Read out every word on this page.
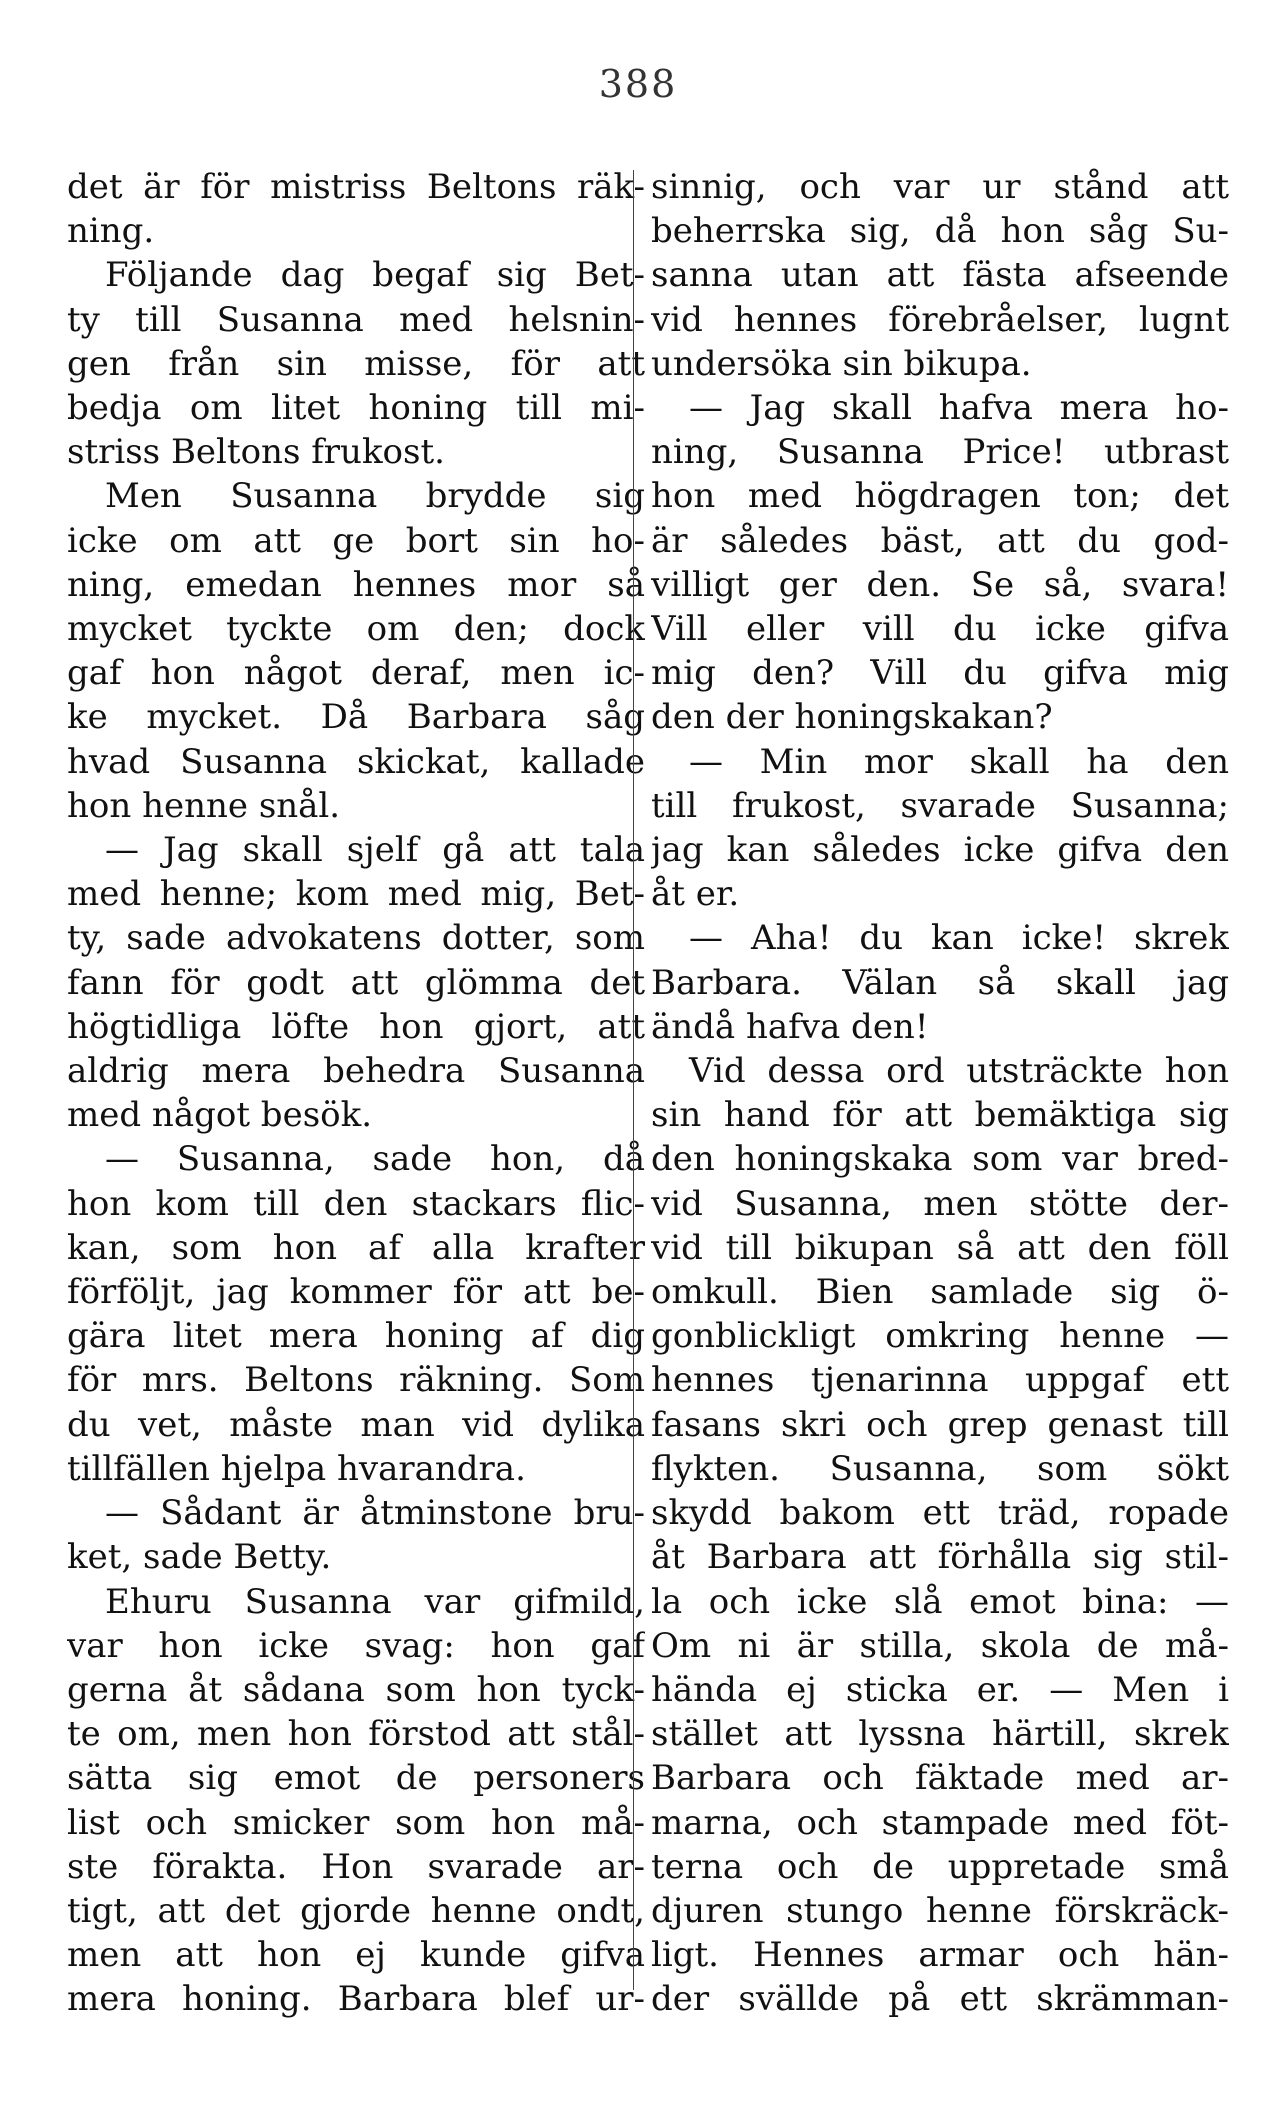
388
det är för mistriss Beltons räk-
ning.
Följande dag begaf sig Bet-
ty till Susanna med helsnin-
gen från sin misse, för att
bedja om litet honing till mi-
striss Beltons frukost.
Men Susanna brydde sig
icke om att ge bort sin ho-
ning, emedan hennes mor så
mycket tyckte om den; dock
gaf hon något deraf, men ic-
ke mycket. Då Barbara såg
hvad Susanna skickat, kallade
hon henne snål.
— Jag skall sjelf gå att tala
med henne; kom med mig, Bet-
ty, sade advokatens dotter, som
fann för godt att glömma det
högtidliga löfte hon gjort, att
aldrig mera behedra Susanna
med något besök.
— Susanna, sade hon, då
hon kom till den stackars flic-
kan, som hon af alla krafter
förföljt, jag kommer för att be-
gära litet mera honing af dig
för mrs. Beltons räkning. Som
du vet, måste man vid dylika
tillfällen hjelpa hvarandra.
— Sådant är åtminstone bru-
ket, sade Betty.
Ehuru Susanna var gifmild,
var hon icke svag: hon gaf
gerna åt sådana som hon tyck-
te om, men hon förstod att stål-
sätta sig emot de personers
list och smicker som hon må-
ste förakta. Hon svarade ar-
tigt, att det gjorde henne ondt,
men att hon ej kunde gifva
mera honing. Barbara blef ur-
sinnig, och var ur stånd att
beherrska sig, då hon såg Su-
sanna utan att fästa afseende
vid hennes förebråelser, lugnt
undersöka sin bikupa.
— Jag skall hafva mera ho-
ning, Susanna Price! utbrast
hon med högdragen ton; det
är således bäst, att du god-
villigt ger den. Se så, svara!
Vill eller vill du icke gifva
mig den? Vill du gifva mig
den der honingskakan?
— Min mor skall ha den
till frukost, svarade Susanna;
jag kan således icke gifva den
åt er.
— Aha! du kan icke! skrek
Barbara. Välan så skall jag
ändå hafva den!
Vid dessa ord utsträckte hon
sin hand för att bemäktiga sig
den honingskaka som var bred-
vid Susanna, men stötte der-
vid till bikupan så att den föll
omkull. Bien samlade sig ö-
gonblickligt omkring henne —
hennes tjenarinna uppgaf ett
fasans skri och grep genast till
flykten. Susanna, som sökt
skydd bakom ett träd, ropade
åt Barbara att förhålla sig stil-
la och icke slå emot bina: —
Om ni är stilla, skola de må-
hända ej sticka er. — Men i
stället att lyssna härtill, skrek
Barbara och fäktade med ar-
marna, och stampade med föt-
terna och de uppretade små
djuren stungo henne förskräck-
ligt. Hennes armar och hän-
der svällde på ett skrämman-
